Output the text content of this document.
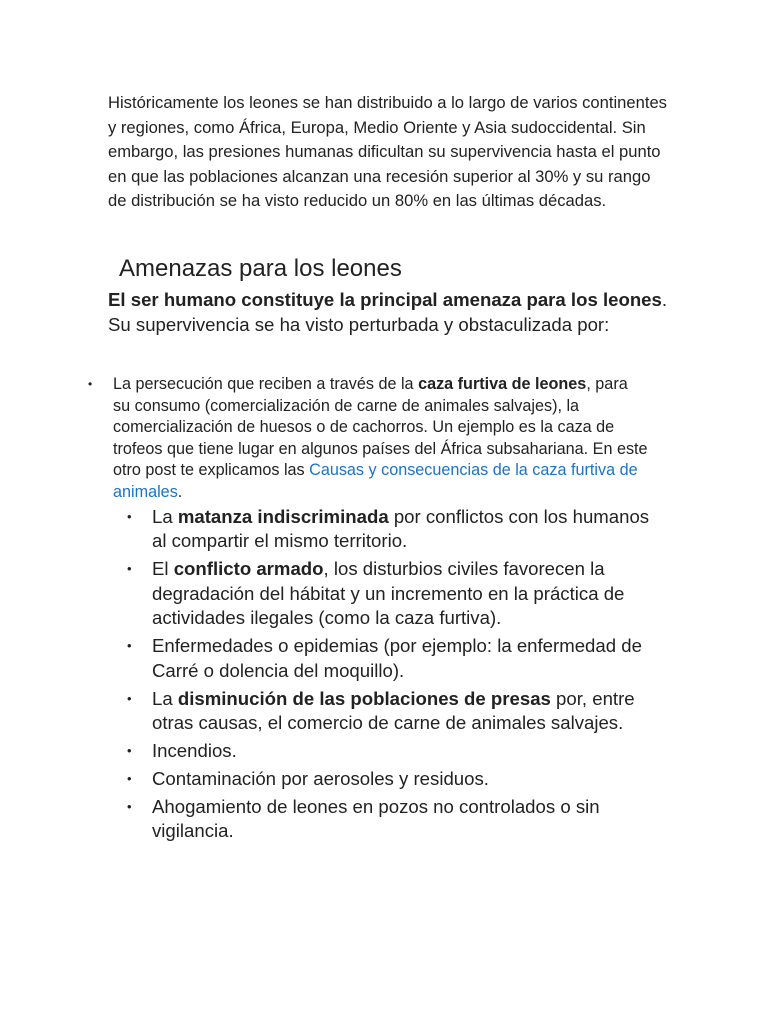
Históricamente los leones se han distribuido a lo largo de varios continentes y regiones, como África, Europa, Medio Oriente y Asia sudoccidental. Sin embargo, las presiones humanas dificultan su supervivencia hasta el punto en que las poblaciones alcanzan una recesión superior al 30% y su rango de distribución se ha visto reducido un 80% en las últimas décadas.

Amenazas para los leones

El ser humano constituye la principal amenaza para los leones. Su supervivencia se ha visto perturbada y obstaculizada por:

• La persecución que reciben a través de la caza furtiva de leones, para su consumo (comercialización de carne de animales salvajes), la comercialización de huesos o de cachorros. Un ejemplo es la caza de trofeos que tiene lugar en algunos países del África subsahariana. En este otro post te explicamos las Causas y consecuencias de la caza furtiva de animales.
• La matanza indiscriminada por conflictos con los humanos al compartir el mismo territorio.
• El conflicto armado, los disturbios civiles favorecen la degradación del hábitat y un incremento en la práctica de actividades ilegales (como la caza furtiva).
• Enfermedades o epidemias (por ejemplo: la enfermedad de Carré o dolencia del moquillo).
• La disminución de las poblaciones de presas por, entre otras causas, el comercio de carne de animales salvajes.
• Incendios.
• Contaminación por aerosoles y residuos.
• Ahogamiento de leones en pozos no controlados o sin vigilancia.
